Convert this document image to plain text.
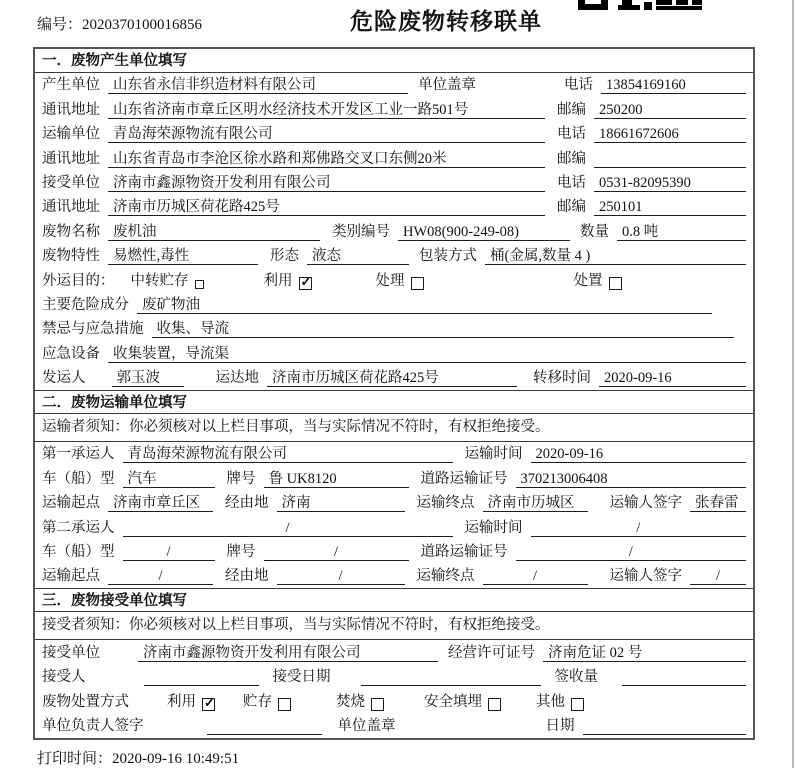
编号：2020370100016856	危险废物转移联单
一．废物产生单位填写
产生单位 山东省永信非织造材料有限公司	单位盖章	电话 13854169160
通讯地址 山东省济南市章丘区明水经济技术开发区工业一路501号	邮编 250200
运输单位 青岛海荣源物流有限公司	电话 18661672606
通讯地址 山东省青岛市李沧区徐水路和郑佛路交叉口东侧20米	邮编
接受单位 济南市鑫源物资开发利用有限公司	电话 0531-82095390
通讯地址 济南市历城区荷花路425号	邮编 250101
废物名称 废机油	类别编号 HW08(900-249-08)	数量 0.8 吨
废物特性 易燃性,毒性	形态 液态	包装方式 桶(金属,数量 4 )
外运目的： 中转贮存	利用 ✓	处理	处置
主要危险成分 废矿物油
禁忌与应急措施 收集、导流
应急设备 收集装置，导流渠
发运人	郭玉波	运达地 济南市历城区荷花路425号	转移时间 2020-09-16
二．废物运输单位填写
运输者须知：你必须核对以上栏目事项，当与实际情况不符时，有权拒绝接受。
第一承运人 青岛海荣源物流有限公司	运输时间 2020-09-16
车（船）型 汽车	牌号 鲁 UK8120	道路运输证号 370213006408
运输起点 济南市章丘区	经由地 济南	运输终点 济南市历城区	运输人签字 张春雷
第二承运人	/	运输时间	/
车（船）型	/	牌号	/	道路运输证号	/
运输起点	/	经由地	/	运输终点	/	运输人签字	/
三．废物接受单位填写
接受者须知：你必须核对以上栏目事项，当与实际情况不符时，有权拒绝接受。
接受单位	济南市鑫源物资开发利用有限公司	经营许可证号 济南危证 02 号
接受人	接受日期	签收量
废物处置方式	利用 ✓ 贮存	焚烧	安全填埋	其他
单位负责人签字	单位盖章	日期
打印时间：2020-09-16 10:49:51
